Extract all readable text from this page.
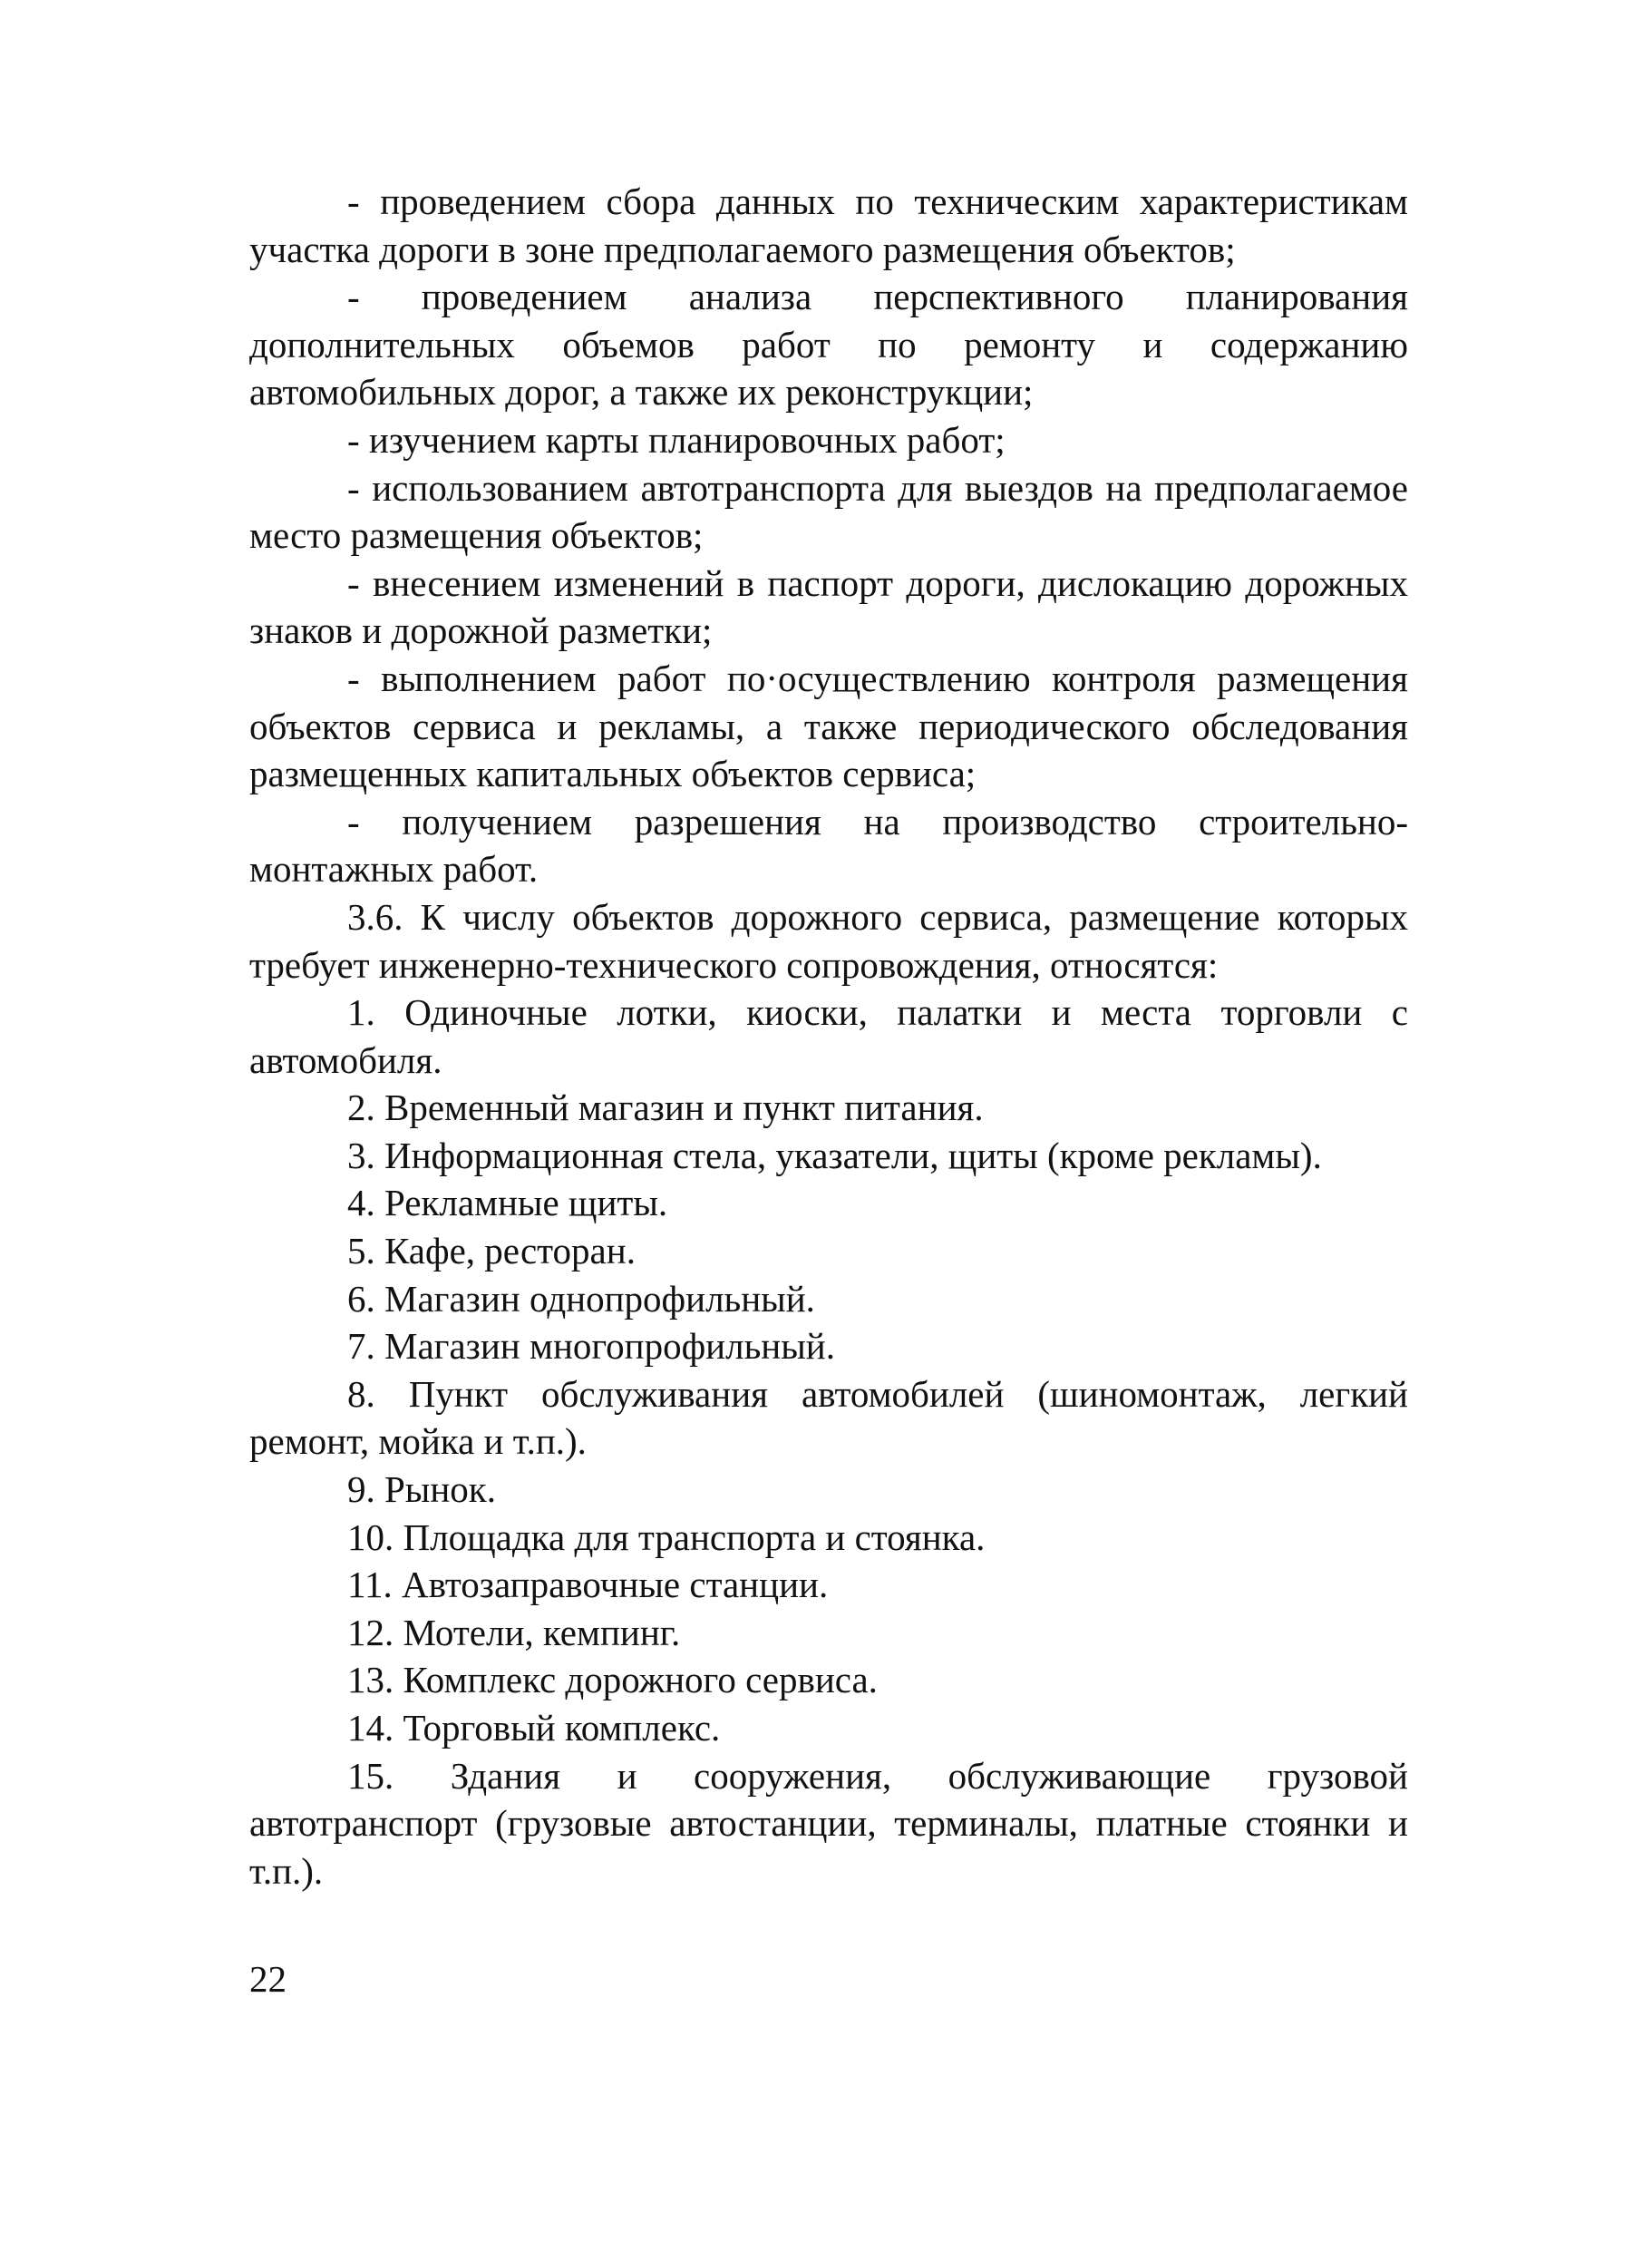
- проведением сбора данных по техническим характеристикам участка дороги в зоне предполагаемого размещения объектов;

- проведением анализа перспективного планирования дополнительных объемов работ по ремонту и содержанию автомобильных дорог, а также их реконструкции;

- изучением карты планировочных работ;

- использованием автотранспорта для выездов на предполагаемое место размещения объектов;

- внесением изменений в паспорт дороги, дислокацию дорожных знаков и дорожной разметки;

- выполнением работ по·осуществлению контроля размещения объектов сервиса и рекламы, а также периодического обследования размещенных капитальных объектов сервиса;

- получением разрешения на производство строительно-монтажных работ.

3.6. К числу объектов дорожного сервиса, размещение которых требует инженерно-технического сопровождения, относятся:

1. Одиночные лотки, киоски, палатки и места торговли с автомобиля.

2. Временный магазин и пункт питания.

3. Информационная стела, указатели, щиты (кроме рекламы).

4. Рекламные щиты.

5. Кафе, ресторан.

6. Магазин однопрофильный.

7. Магазин многопрофильный.

8. Пункт обслуживания автомобилей (шиномонтаж, легкий ремонт, мойка и т.п.).

9. Рынок.

10. Площадка для транспорта и стоянка.

11. Автозаправочные станции.

12. Мотели, кемпинг.

13. Комплекс дорожного сервиса.

14. Торговый комплекс.

15. Здания и сооружения, обслуживающие грузовой автотранспорт (грузовые автостанции, терминалы, платные стоянки и т.п.).

22
